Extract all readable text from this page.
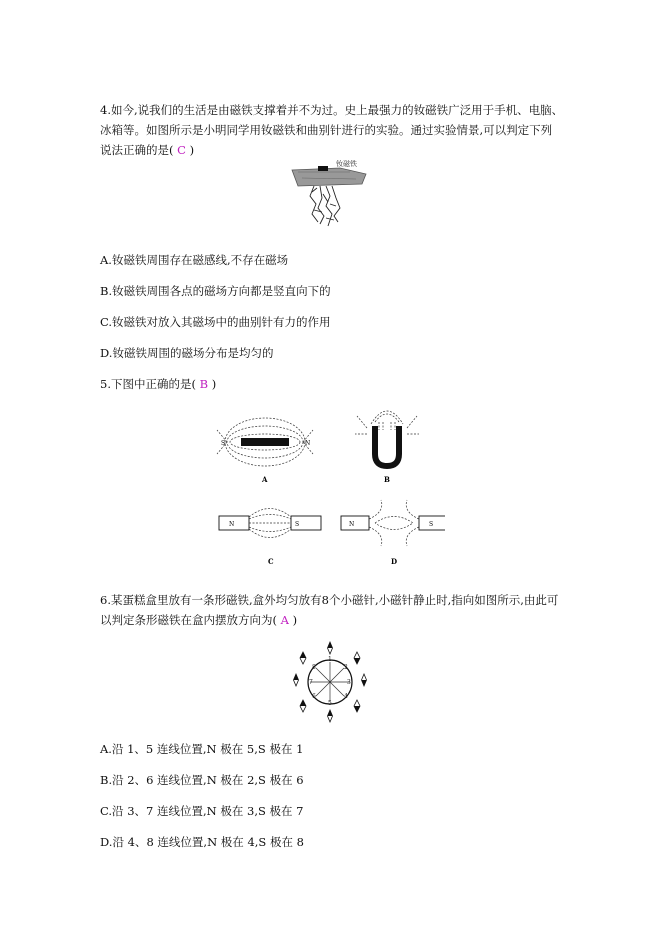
4.如今,说我们的生活是由磁铁支撑着并不为过。史上最强力的钕磁铁广泛用于手机、电脑、
冰箱等。如图所示是小明同学用钕磁铁和曲别针进行的实验。通过实验情景,可以判定下列
说法正确的是( C )
钕磁铁
A.钕磁铁周围存在磁感线,不存在磁场
B.钕磁铁周围各点的磁场方向都是竖直向下的
C.钕磁铁对放入其磁场中的曲别针有力的作用
D.钕磁铁周围的磁场分布是均匀的
5.下图中正确的是( B )
S	N
A	B
N	S
C
N	S
D
6.某蛋糕盒里放有一条形磁铁,盒外均匀放有8个小磁针,小磁针静止时,指向如图所示,由此可
以判定条形磁铁在盒内摆放方向为( A )
1
2
3
4
5
6
7
8
A.沿 1、5 连线位置,N 极在 5,S 极在 1
B.沿 2、6 连线位置,N 极在 2,S 极在 6
C.沿 3、7 连线位置,N 极在 3,S 极在 7
D.沿 4、8 连线位置,N 极在 4,S 极在 8
